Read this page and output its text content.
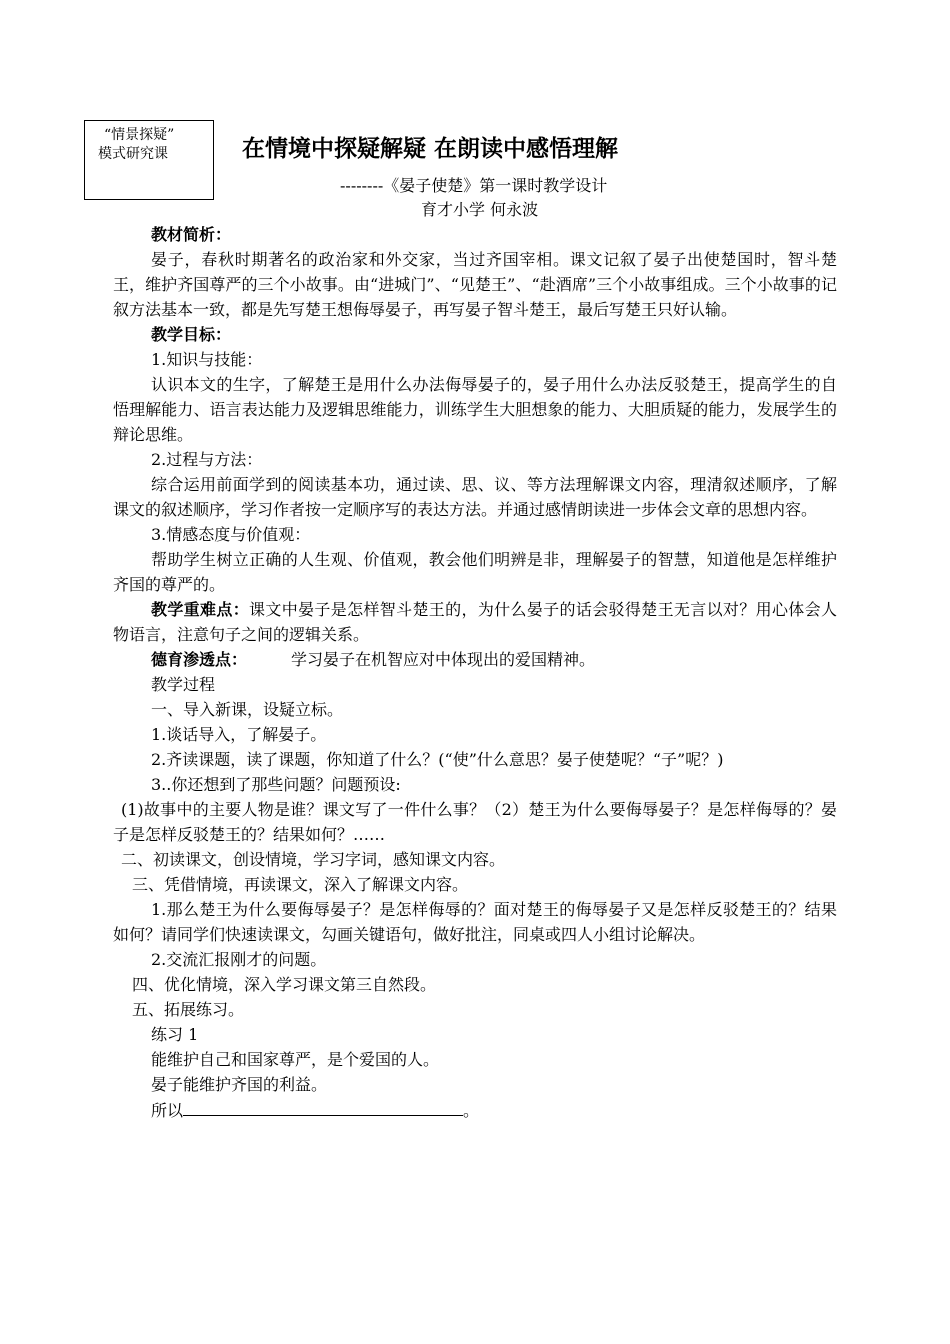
“情景探疑”
模式研究课	在情境中探疑解疑 在朗读中感悟理解
--------《晏子使楚》第一课时教学设计
育才小学 何永波

教材简析：

晏子，春秋时期著名的政治家和外交家，当过齐国宰相。课文记叙了晏子出使楚国时，智斗楚王，维护齐国尊严的三个小故事。由“进城门”、“见楚王”、“赴酒席”三个小故事组成。三个小故事的记叙方法基本一致，都是先写楚王想侮辱晏子，再写晏子智斗楚王，最后写楚王只好认输。

教学目标：

1.知识与技能：

认识本文的生字，了解楚王是用什么办法侮辱晏子的，晏子用什么办法反驳楚王，提高学生的自悟理解能力、语言表达能力及逻辑思维能力，训练学生大胆想象的能力、大胆质疑的能力，发展学生的辩论思维。

2.过程与方法：

综合运用前面学到的阅读基本功，通过读、思、议、等方法理解课文内容，理清叙述顺序，了解课文的叙述顺序，学习作者按一定顺序写的表达方法。并通过感情朗读进一步体会文章的思想内容。

3.情感态度与价值观：

帮助学生树立正确的人生观、价值观，教会他们明辨是非，理解晏子的智慧，知道他是怎样维护齐国的尊严的。

教学重难点：课文中晏子是怎样智斗楚王的，为什么晏子的话会驳得楚王无言以对？用心体会人物语言，注意句子之间的逻辑关系。

德育渗透点：	学习晏子在机智应对中体现出的爱国精神。

教学过程

一、导入新课，设疑立标。

1.谈话导入，了解晏子。

2.齐读课题，读了课题，你知道了什么？(“使”什么意思？晏子使楚呢？“子”呢？)

3..你还想到了那些问题？问题预设:

(1)故事中的主要人物是谁？课文写了一件什么事？（2）楚王为什么要侮辱晏子？是怎样侮辱的？晏子是怎样反驳楚王的？结果如何？……

二、初读课文，创设情境，学习字词，感知课文内容。

三、凭借情境，再读课文，深入了解课文内容。

1.那么楚王为什么要侮辱晏子？是怎样侮辱的？面对楚王的侮辱晏子又是怎样反驳楚王的？结果如何？请同学们快速读课文，勾画关键语句，做好批注，同桌或四人小组讨论解决。

2.交流汇报刚才的问题。

四、优化情境，深入学习课文第三自然段。

五、拓展练习。

练习 1

能维护自己和国家尊严，是个爱国的人。

晏子能维护齐国的利益。

所以	。
